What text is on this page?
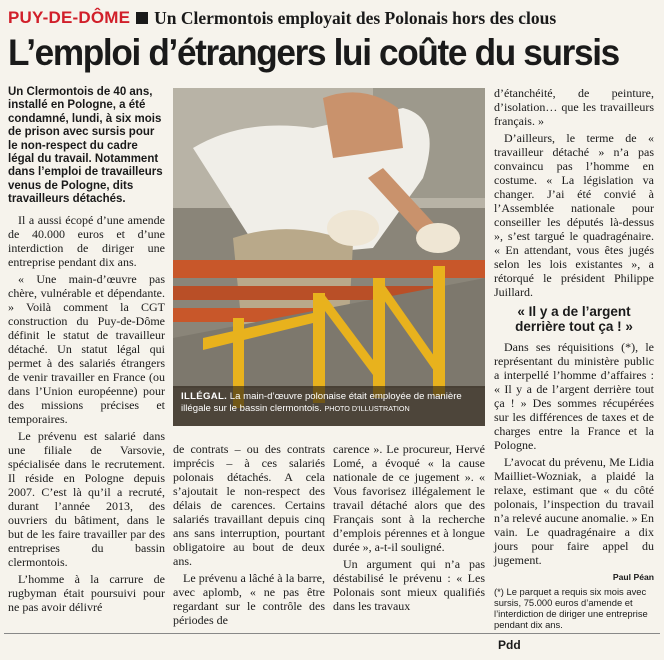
PUY-DE-DÔME Un Clermontois employait des Polonais hors des clous
L’emploi d’étrangers lui coûte du sursis
Un Clermontois de 40 ans, installé en Pologne, a été condamné, lundi, à six mois de prison avec sursis pour le non-respect du cadre légal du travail. Notamment dans l’emploi de travailleurs venus de Pologne, dits travailleurs détachés.

Il a aussi écopé d’une amende de 40.000 euros et d’une interdiction de diriger une entreprise pendant dix ans.

« Une main-d’œuvre pas chère, vulnérable et dépendante. » Voilà comment la CGT construction du Puy-de-Dôme définit le statut de travailleur détaché. Un statut légal qui permet à des salariés étrangers de venir travailler en France (ou dans l’Union européenne) pour des missions précises et temporaires.

Le prévenu est salarié dans une filiale de Varsovie, spécialisée dans le recrutement. Il réside en Pologne depuis 2007. C’est là qu’il a recruté, durant l’année 2013, des ouvriers du bâtiment, dans le but de les faire travailler par des entreprises du bassin clermontois.

L’homme à la carrure de rugbyman était poursuivi pour ne pas avoir délivré

ILLÉGAL. La main-d’œuvre polonaise était employée de manière illégale sur le bassin clermontois. PHOTO D’ILLUSTRATION

de contrats – ou des contrats imprécis – à ces salariés polonais détachés. A cela s’ajoutait le non-respect des délais de carences. Certains salariés travaillant depuis cinq ans sans interruption, pourtant obligatoire au bout de deux ans.

Le prévenu a lâché à la barre, avec aplomb, « ne pas être regardant sur le contrôle des périodes de

carence ». Le procureur, Hervé Lomé, a évoqué « la cause nationale de ce jugement ». « Vous favorisez illégalement le travail détaché alors que des Français sont à la recherche d’emplois pérennes et à longue durée », a-t-il souligné.

Un argument qui n’a pas déstabilisé le prévenu : « Les Polonais sont mieux qualifiés dans les travaux

d’étanchéité, de peinture, d’isolation… que les travailleurs français. »

D’ailleurs, le terme de « travailleur détaché » n’a pas convaincu pas l’homme en costume. « La législation va changer. J’ai été convié à l’Assemblée nationale pour conseiller les députés là-dessus », s’est targué le quadragénaire. « En attendant, vous êtes jugés selon les lois existantes », a rétorqué le président Philippe Juillard.

« Il y a de l’argent derrière tout ça ! »

Dans ses réquisitions (*), le représentant du ministère public a interpellé l’homme d’affaires : « Il y a de l’argent derrière tout ça ! » Des sommes récupérées sur les différences de taxes et de charges entre la France et la Pologne.

L’avocat du prévenu, Me Lidia Mailliet-Wozniak, a plaidé la relaxe, estimant que « du côté polonais, l’inspection du travail n’a relevé aucune anomalie. » En vain. Le quadragénaire a dix jours pour faire appel du jugement.

Paul Péan
(*) Le parquet a requis six mois avec sursis, 75.000 euros d’amende et l’interdiction de diriger une entreprise pendant dix ans.
Pdd
